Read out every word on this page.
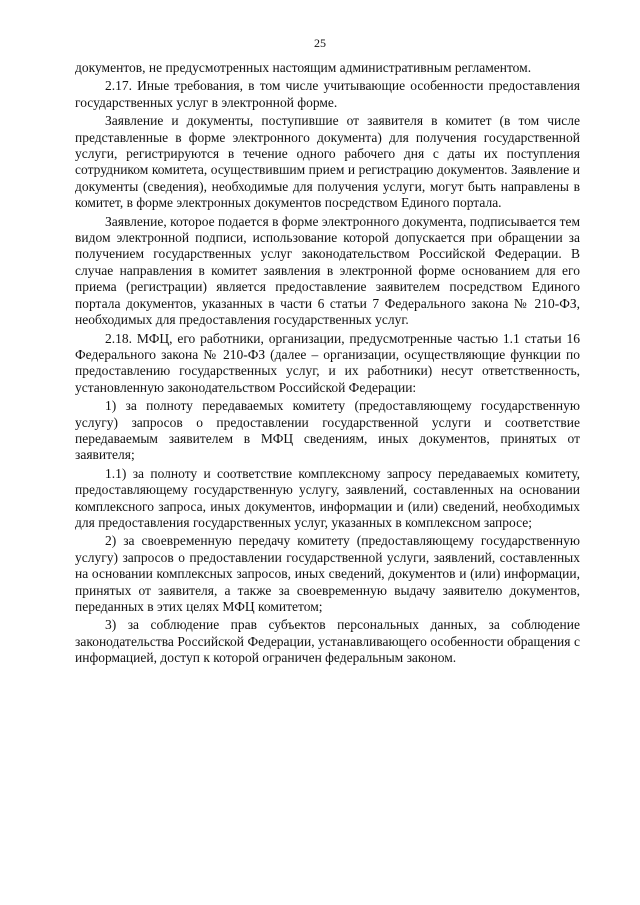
25

документов, не предусмотренных настоящим административным регламентом.

2.17. Иные требования, в том числе учитывающие особенности предоставления государственных услуг в электронной форме.

Заявление и документы, поступившие от заявителя в комитет (в том числе представленные в форме электронного документа) для получения государственной услуги, регистрируются в течение одного рабочего дня с даты их поступления сотрудником комитета, осуществившим прием и регистрацию документов. Заявление и документы (сведения), необходимые для получения услуги, могут быть направлены в комитет, в форме электронных документов посредством Единого портала.

Заявление, которое подается в форме электронного документа, подписывается тем видом электронной подписи, использование которой допускается при обращении за получением государственных услуг законодательством Российской Федерации. В случае направления в комитет заявления в электронной форме основанием для его приема (регистрации) является предоставление заявителем посредством Единого портала документов, указанных в части 6 статьи 7 Федерального закона № 210-ФЗ, необходимых для предоставления государственных услуг.

2.18. МФЦ, его работники, организации, предусмотренные частью 1.1 статьи 16 Федерального закона № 210-ФЗ (далее – организации, осуществляющие функции по предоставлению государственных услуг, и их работники) несут ответственность, установленную законодательством Российской Федерации:

1) за полноту передаваемых комитету (предоставляющему государственную услугу) запросов о предоставлении государственной услуги и соответствие передаваемым заявителем в МФЦ сведениям, иных документов, принятых от заявителя;

1.1) за полноту и соответствие комплексному запросу передаваемых комитету, предоставляющему государственную услугу, заявлений, составленных на основании комплексного запроса, иных документов, информации и (или) сведений, необходимых для предоставления государственных услуг, указанных в комплексном запросе;

2) за своевременную передачу комитету (предоставляющему государственную услугу) запросов о предоставлении государственной услуги, заявлений, составленных на основании комплексных запросов, иных сведений, документов и (или) информации, принятых от заявителя, а также за своевременную выдачу заявителю документов, переданных в этих целях МФЦ комитетом;

3) за соблюдение прав субъектов персональных данных, за соблюдение законодательства Российской Федерации, устанавливающего особенности обращения с информацией, доступ к которой ограничен федеральным законом.
